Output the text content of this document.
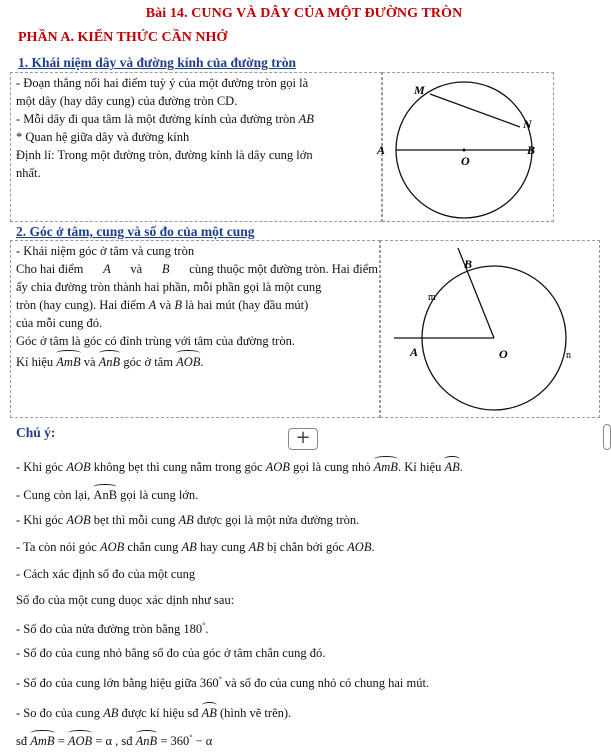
Bài 14. CUNG VÀ DÂY CỦA MỘT ĐƯỜNG TRÒN
PHẦN A. KIẾN THỨC CẦN NHỚ
1. Khái niệm dây và đường kính của đường tròn
- Đoạn thẳng nối hai điểm tuỳ ý của một đường tròn gọi là
một dây (hay dây cung) của đường tròn CD.
- Mỗi dây đi qua tâm là một đường kính của đường tròn AB
* Quan hệ giữa dây và đường kính
Định lí: Trong một đường tròn, đường kính là dây cung lớn
nhất.
M
N
A	B
O
2. Góc ở tâm, cung và số đo của một cung
- Khái niệm góc ở tâm và cung tròn
Cho hai điểm A và B cùng thuộc một đường tròn. Hai điểm
ấy chia đường tròn thành hai phần, mỗi phần gọi là một cung
tròn (hay cung). Hai điểm A và B là hai mút (hay đầu mút)
của mỗi cung đó.
Góc ở tâm là góc có đỉnh trùng với tâm của đường tròn.
Kí hiệu AmB và AnB góc ở tâm AOB.
B
m
A	O	n
Chú ý:	+
- Khi góc AOB không bẹt thì cung nằm trong góc AOB gọi là cung nhỏ AmB. Kí hiệu AB.
- Cung còn lại, AnB gọi là cung lớn.
- Khi góc AOB bẹt thì mỗi cung AB được gọi là một nửa đường tròn.
- Ta còn nói góc AOB chắn cung AB hay cung AB bị chắn bởi góc AOB.
- Cách xác định số đo của một cung
Số đo của một cung duọc xác dịnh như sau:
- Số đo của nửa đường tròn bằng 180°.
- Số đo của cung nhỏ bằng số đo của góc ở tâm chắn cung đó.
- Số đo của cung lớn bằng hiệu giữa 360° và số đo của cung nhỏ có chung hai mút.
- So đo của cung AB được kí hiệu sđ AB (hình vẽ trên).
sđ AmB = AOB = α , sđ AnB = 360° − α
